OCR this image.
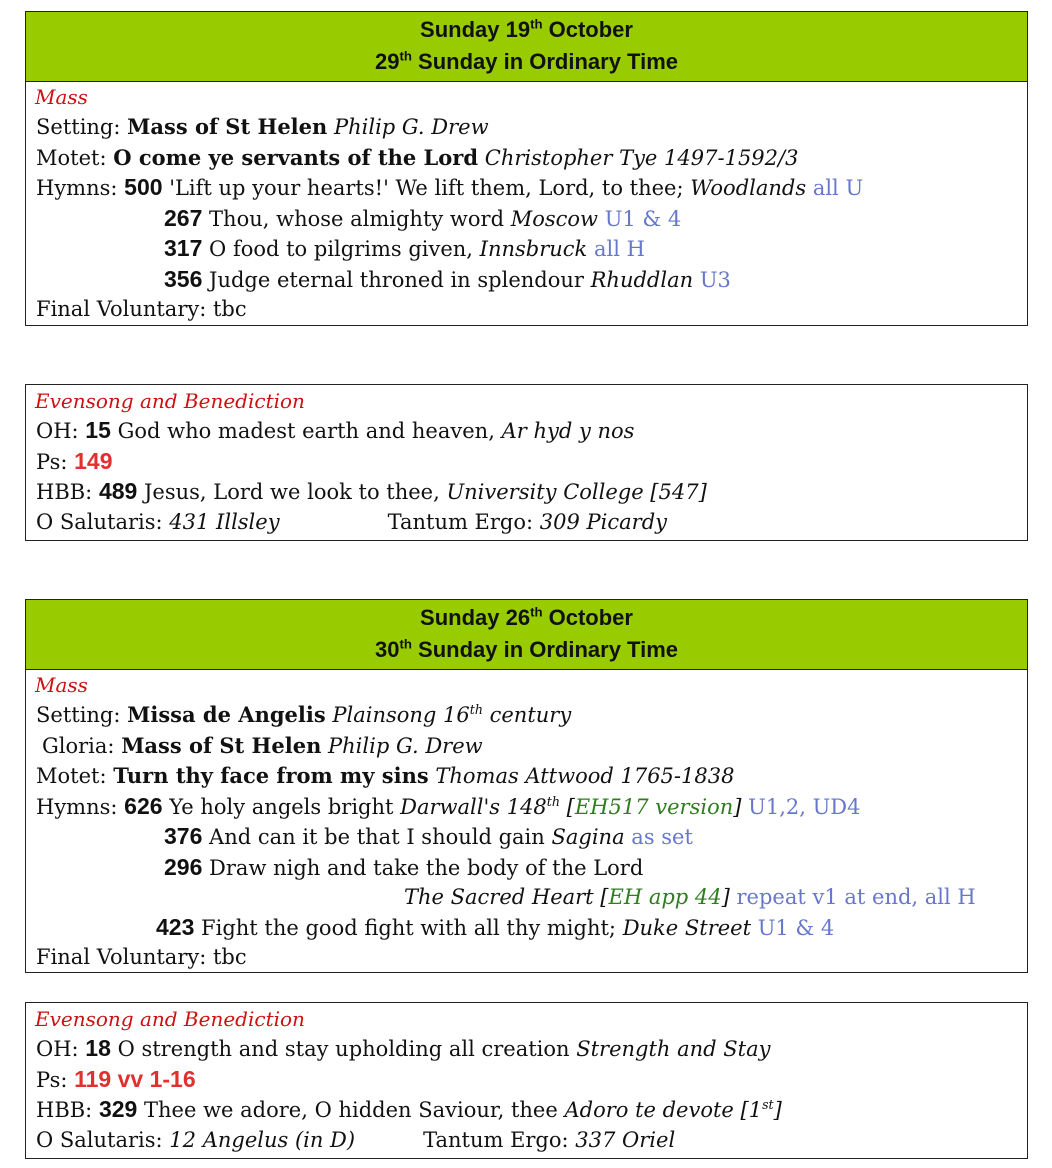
Sunday 19th October
29th Sunday in Ordinary Time
Mass
Setting: Mass of St Helen Philip G. Drew
Motet: O come ye servants of the Lord Christopher Tye 1497-1592/3
Hymns: 500 'Lift up your hearts!' We lift them, Lord, to thee; Woodlands all U
267 Thou, whose almighty word Moscow U1 & 4
317 O food to pilgrims given, Innsbruck all H
356 Judge eternal throned in splendour Rhuddlan U3
Final Voluntary: tbc
Evensong and Benediction
OH: 15 God who madest earth and heaven, Ar hyd y nos
Ps: 149
HBB: 489 Jesus, Lord we look to thee, University College [547]
O Salutaris: 431 Illsley	Tantum Ergo: 309 Picardy
Sunday 26th October
30th Sunday in Ordinary Time
Mass
Setting: Missa de Angelis Plainsong 16th century
Gloria: Mass of St Helen Philip G. Drew
Motet: Turn thy face from my sins Thomas Attwood 1765-1838
Hymns: 626 Ye holy angels bright Darwall's 148th [EH517 version] U1,2, UD4
376 And can it be that I should gain Sagina as set
296 Draw nigh and take the body of the Lord
The Sacred Heart [EH app 44] repeat v1 at end, all H
423 Fight the good fight with all thy might; Duke Street U1 & 4
Final Voluntary: tbc
Evensong and Benediction
OH: 18 O strength and stay upholding all creation Strength and Stay
Ps: 119 vv 1-16
HBB: 329 Thee we adore, O hidden Saviour, thee Adoro te devote [1st]
O Salutaris: 12 Angelus (in D)	Tantum Ergo: 337 Oriel
